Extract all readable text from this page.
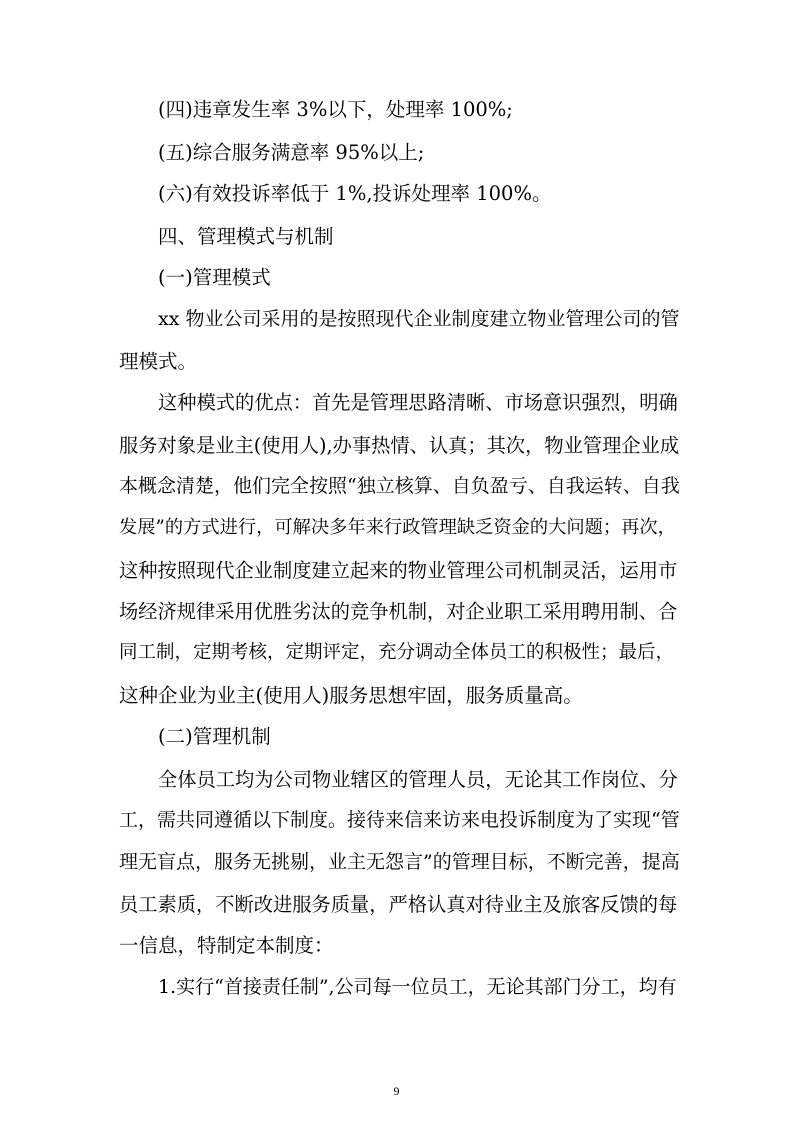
(四)违章发生率 3%以下，处理率 100%;
(五)综合服务满意率 95%以上;
(六)有效投诉率低于 1%,投诉处理率 100%。
四、管理模式与机制
(一)管理模式
xx 物业公司采用的是按照现代企业制度建立物业管理公司的管
理模式。
这种模式的优点：首先是管理思路清晰、市场意识强烈，明确
服务对象是业主(使用人),办事热情、认真；其次，物业管理企业成
本概念清楚，他们完全按照“独立核算、自负盈亏、自我运转、自我
发展”的方式进行，可解决多年来行政管理缺乏资金的大问题；再次，
这种按照现代企业制度建立起来的物业管理公司机制灵活，运用市
场经济规律采用优胜劣汰的竞争机制，对企业职工采用聘用制、合
同工制，定期考核，定期评定，充分调动全体员工的积极性；最后，
这种企业为业主(使用人)服务思想牢固，服务质量高。
(二)管理机制
全体员工均为公司物业辖区的管理人员，无论其工作岗位、分
工，需共同遵循以下制度。接待来信来访来电投诉制度为了实现“管
理无盲点，服务无挑剔，业主无怨言”的管理目标，不断完善，提高
员工素质，不断改进服务质量，严格认真对待业主及旅客反馈的每
一信息，特制定本制度：
1.实行“首接责任制”,公司每一位员工，无论其部门分工，均有
9
